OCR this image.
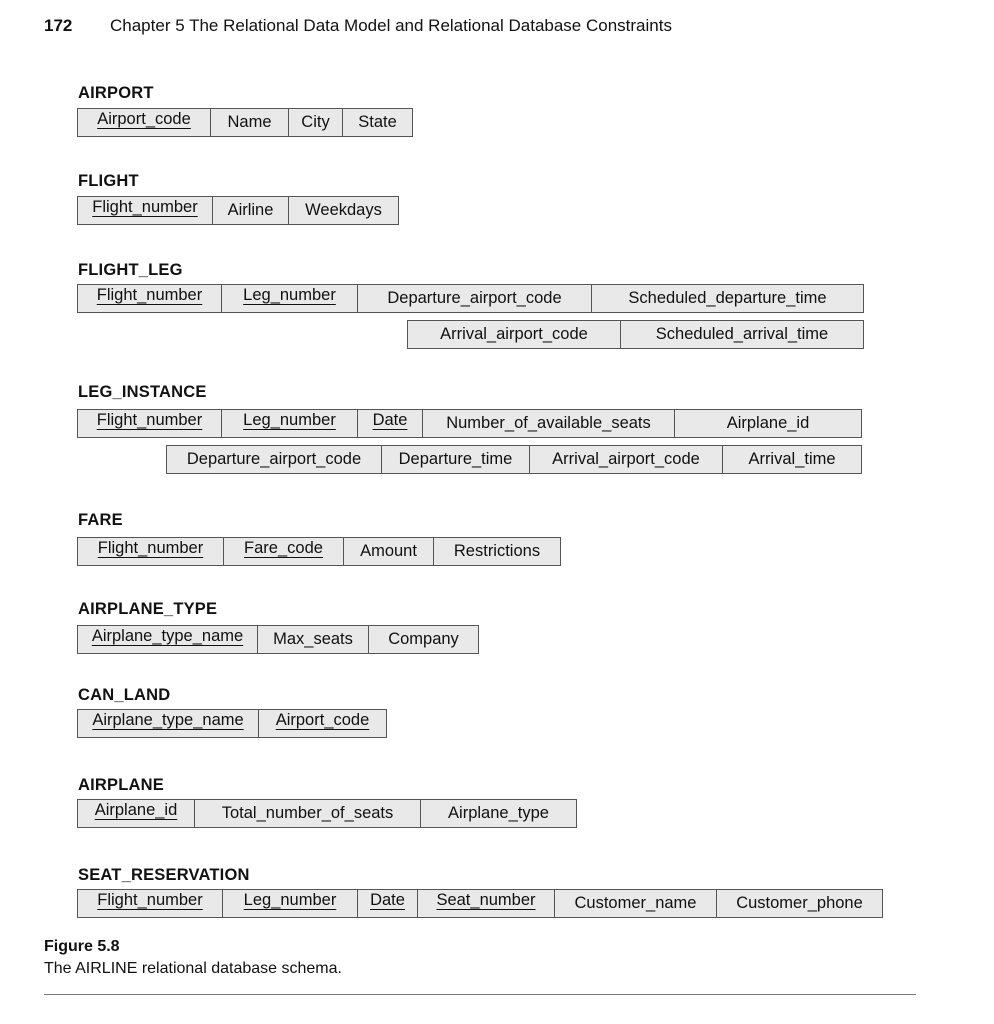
172 Chapter 5 The Relational Data Model and Relational Database Constraints
AIRPORT
Airport_code	Name	City	State
FLIGHT
Flight_number	Airline	Weekdays
FLIGHT_LEG
Flight_number	Leg_number	Departure_airport_code	Scheduled_departure_time
Arrival_airport_code	Scheduled_arrival_time
LEG_INSTANCE
Flight_number	Leg_number	Date	Number_of_available_seats	Airplane_id
Departure_airport_code	Departure_time	Arrival_airport_code	Arrival_time
FARE
Flight_number	Fare_code	Amount	Restrictions
AIRPLANE_TYPE
Airplane_type_name	Max_seats	Company
CAN_LAND
Airplane_type_name	Airport_code
AIRPLANE
Airplane_id	Total_number_of_seats	Airplane_type
SEAT_RESERVATION
Flight_number	Leg_number	Date	Seat_number	Customer_name	Customer_phone
Figure 5.8
The AIRLINE relational database schema.
